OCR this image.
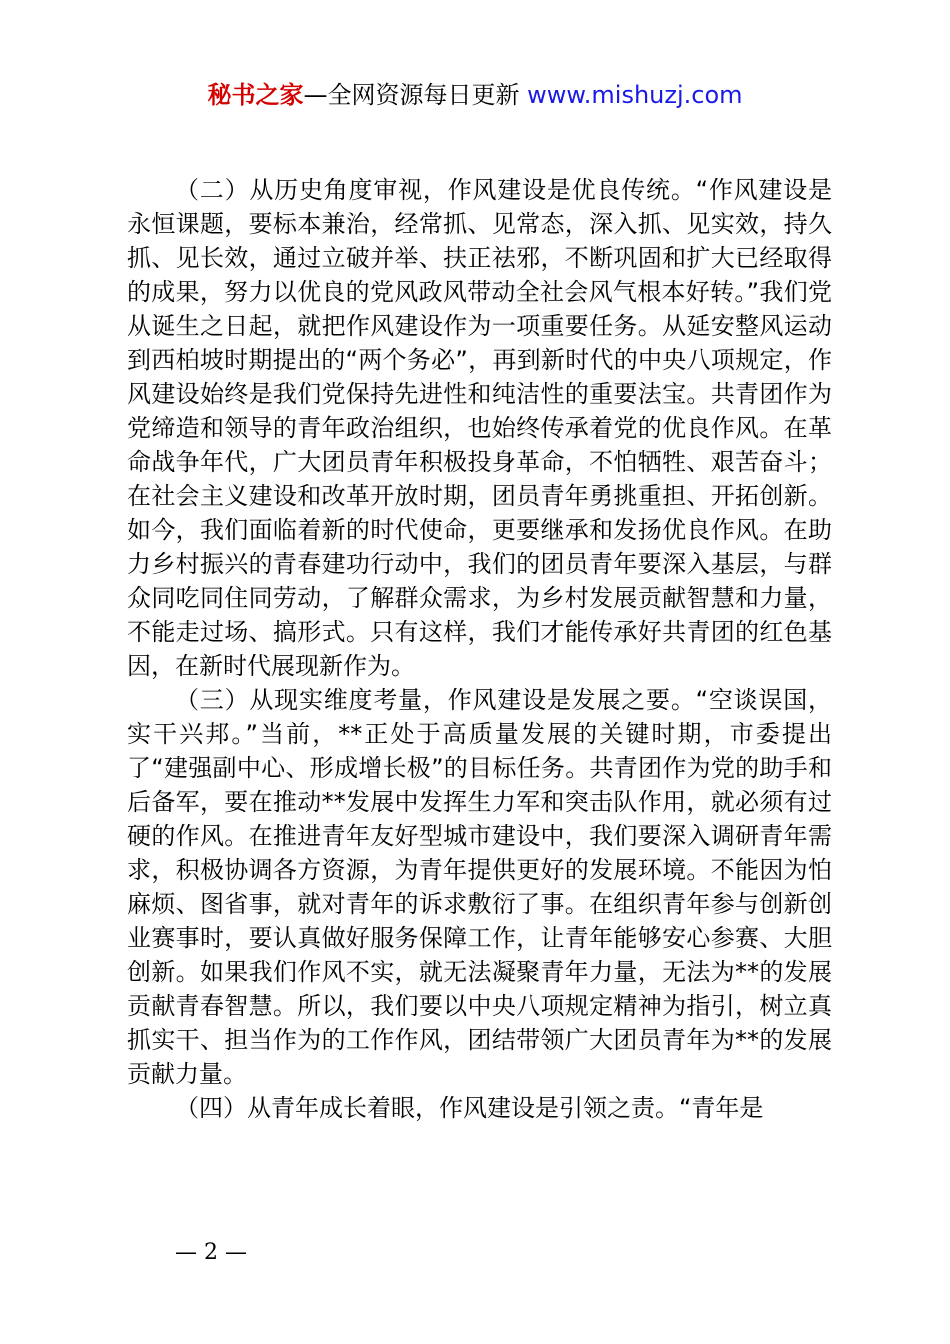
秘书之家—全网资源每日更新 www.mishuzj.com

（二）从历史角度审视，作风建设是优良传统。“作风建设是永恒课题，要标本兼治，经常抓、见常态，深入抓、见实效，持久抓、见长效，通过立破并举、扶正祛邪，不断巩固和扩大已经取得的成果，努力以优良的党风政风带动全社会风气根本好转。”我们党从诞生之日起，就把作风建设作为一项重要任务。从延安整风运动到西柏坡时期提出的“两个务必”，再到新时代的中央八项规定，作风建设始终是我们党保持先进性和纯洁性的重要法宝。共青团作为党缔造和领导的青年政治组织，也始终传承着党的优良作风。在革命战争年代，广大团员青年积极投身革命，不怕牺牲、艰苦奋斗；在社会主义建设和改革开放时期，团员青年勇挑重担、开拓创新。如今，我们面临着新的时代使命，更要继承和发扬优良作风。在助力乡村振兴的青春建功行动中，我们的团员青年要深入基层，与群众同吃同住同劳动，了解群众需求，为乡村发展贡献智慧和力量，不能走过场、搞形式。只有这样，我们才能传承好共青团的红色基因，在新时代展现新作为。

（三）从现实维度考量，作风建设是发展之要。“空谈误国，实干兴邦。”当前，**正处于高质量发展的关键时期，市委提出了“建强副中心、形成增长极”的目标任务。共青团作为党的助手和后备军，要在推动**发展中发挥生力军和突击队作用，就必须有过硬的作风。在推进青年友好型城市建设中，我们要深入调研青年需求，积极协调各方资源，为青年提供更好的发展环境。不能因为怕麻烦、图省事，就对青年的诉求敷衍了事。在组织青年参与创新创业赛事时，要认真做好服务保障工作，让青年能够安心参赛、大胆创新。如果我们作风不实，就无法凝聚青年力量，无法为**的发展贡献青春智慧。所以，我们要以中央八项规定精神为指引，树立真抓实干、担当作为的工作作风，团结带领广大团员青年为**的发展贡献力量。

（四）从青年成长着眼，作风建设是引领之责。“青年是

— 2 —
